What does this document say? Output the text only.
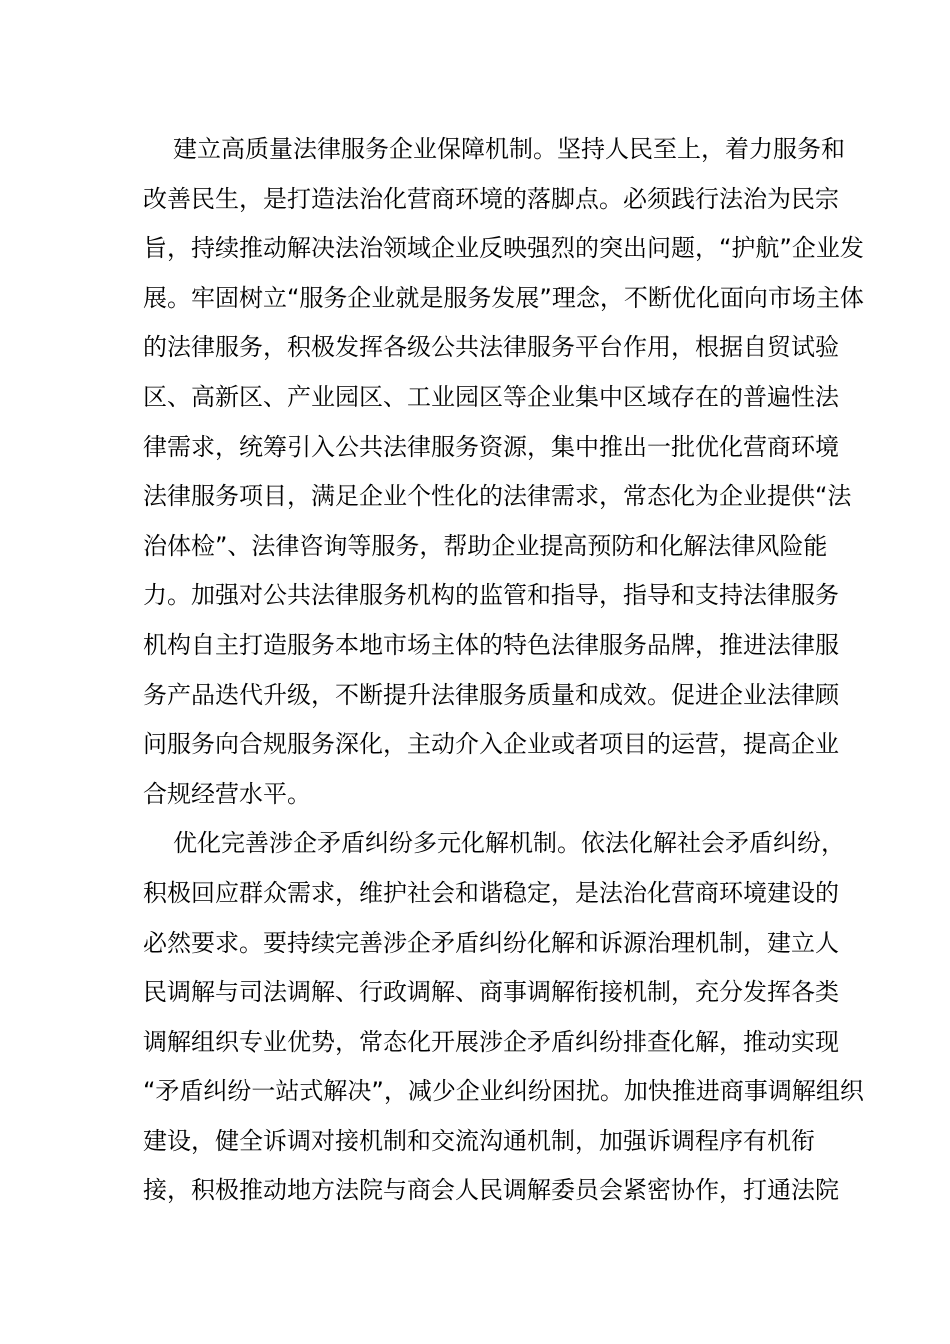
建立高质量法律服务企业保障机制。坚持人民至上，着力服务和
改善民生，是打造法治化营商环境的落脚点。必须践行法治为民宗
旨，持续推动解决法治领域企业反映强烈的突出问题，“护航”企业发
展。牢固树立“服务企业就是服务发展”理念，不断优化面向市场主体
的法律服务，积极发挥各级公共法律服务平台作用，根据自贸试验
区、高新区、产业园区、工业园区等企业集中区域存在的普遍性法
律需求，统筹引入公共法律服务资源，集中推出一批优化营商环境
法律服务项目，满足企业个性化的法律需求，常态化为企业提供“法
治体检”、法律咨询等服务，帮助企业提高预防和化解法律风险能
力。加强对公共法律服务机构的监管和指导，指导和支持法律服务
机构自主打造服务本地市场主体的特色法律服务品牌，推进法律服
务产品迭代升级，不断提升法律服务质量和成效。促进企业法律顾
问服务向合规服务深化，主动介入企业或者项目的运营，提高企业
合规经营水平。
优化完善涉企矛盾纠纷多元化解机制。依法化解社会矛盾纠纷，
积极回应群众需求，维护社会和谐稳定，是法治化营商环境建设的
必然要求。要持续完善涉企矛盾纠纷化解和诉源治理机制，建立人
民调解与司法调解、行政调解、商事调解衔接机制，充分发挥各类
调解组织专业优势，常态化开展涉企矛盾纠纷排查化解，推动实现
“矛盾纠纷一站式解决”，减少企业纠纷困扰。加快推进商事调解组织
建设，健全诉调对接机制和交流沟通机制，加强诉调程序有机衔
接，积极推动地方法院与商会人民调解委员会紧密协作，打通法院
